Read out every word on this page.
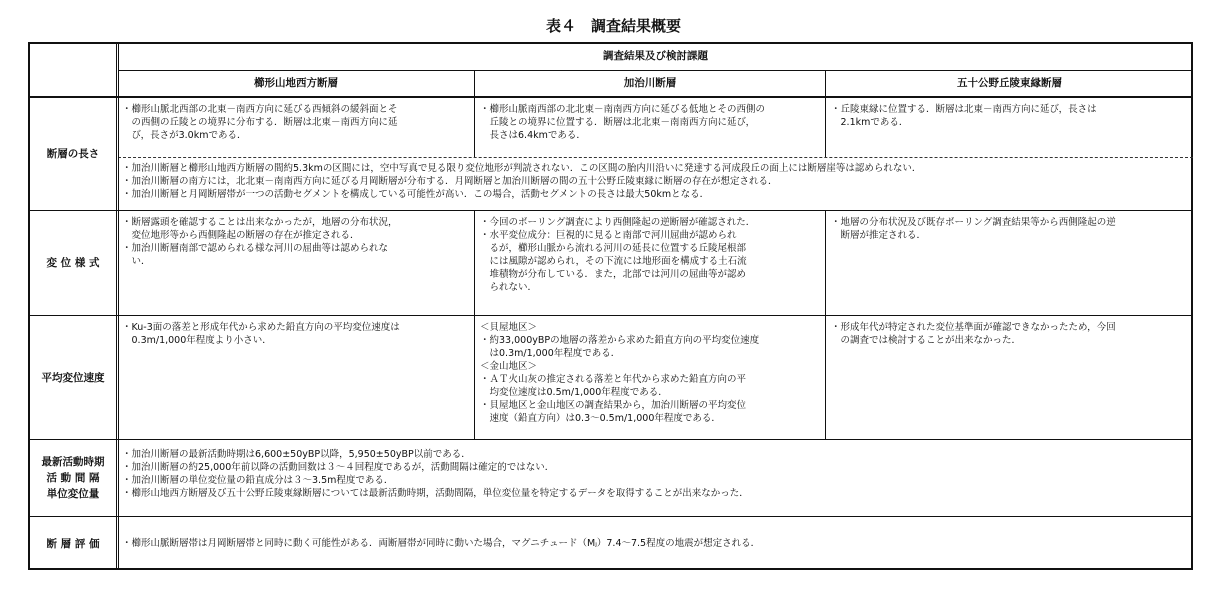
表４　調査結果概要
調査結果及び検討課題
櫛形山地西方断層	加治川断層	五十公野丘陵東縁断層
断層の長さ
変 位 様 式
平均変位速度
最新活動時期
活 動 間 隔
単位変位量
断 層 評 価
・櫛形山脈北西部の北東－南西方向に延びる西傾斜の緩斜面とそ
　の西側の丘陵との境界に分布する．断層は北東－南西方向に延
　び，長さが3.0kmである．
・櫛形山脈南西部の北北東－南南西方向に延びる低地とその西側の
　丘陵との境界に位置する．断層は北北東－南南西方向に延び，
　長さは6.4kmである．
・丘陵東縁に位置する．断層は北東－南西方向に延び，長さは
　2.1kmである．
・加治川断層と櫛形山地西方断層の間約5.3kmの区間には，空中写真で見る限り変位地形が判読されない．この区間の胎内川沿いに発達する河成段丘の面上には断層崖等は認められない．
・加治川断層の南方には，北北東－南南西方向に延びる月岡断層が分布する．月岡断層と加治川断層の間の五十公野丘陵東縁に断層の存在が想定される．
・加治川断層と月岡断層帯が一つの活動セグメントを構成している可能性が高い．この場合，活動セグメントの長さは最大50kmとなる．
・断層露頭を確認することは出来なかったが，地層の分布状況，
　変位地形等から西側隆起の断層の存在が推定される．
・加治川断層南部で認められる様な河川の屈曲等は認められな
　い．
・今回のボーリング調査により西側隆起の逆断層が確認された．
・水平変位成分：巨視的に見ると南部で河川屈曲が認められ
　るが，櫛形山脈から流れる河川の延長に位置する丘陵尾根部
　には風隙が認められ，その下流には地形面を構成する土石流
　堆積物が分布している．また，北部では河川の屈曲等が認め
　られない．
・地層の分布状況及び既存ボーリング調査結果等から西側隆起の逆
　断層が推定される．
・Ku-3面の落差と形成年代から求めた鉛直方向の平均変位速度は
　0.3m/1,000年程度より小さい．
＜貝屋地区＞
・約33,000yBPの地層の落差から求めた鉛直方向の平均変位速度
　は0.3m/1,000年程度である．
＜金山地区＞
・ＡＴ火山灰の推定される落差と年代から求めた鉛直方向の平
　均変位速度は0.5m/1,000年程度である．
・貝屋地区と金山地区の調査結果から，加治川断層の平均変位
　速度（鉛直方向）は0.3～0.5m/1,000年程度である．
・形成年代が特定された変位基準面が確認できなかったため，今回
　の調査では検討することが出来なかった．
・加治川断層の最新活動時期は6,600±50yBP以降，5,950±50yBP以前である．
・加治川断層の約25,000年前以降の活動回数は３～４回程度であるが，活動間隔は確定的ではない．
・加治川断層の単位変位量の鉛直成分は３～3.5m程度である．
・櫛形山地西方断層及び五十公野丘陵東縁断層については最新活動時期，活動間隔，単位変位量を特定するデータを取得することが出来なかった．
・櫛形山脈断層帯は月岡断層帯と同時に動く可能性がある．両断層帯が同時に動いた場合，マグニチュード（Mⱼ）7.4～7.5程度の地震が想定される．
